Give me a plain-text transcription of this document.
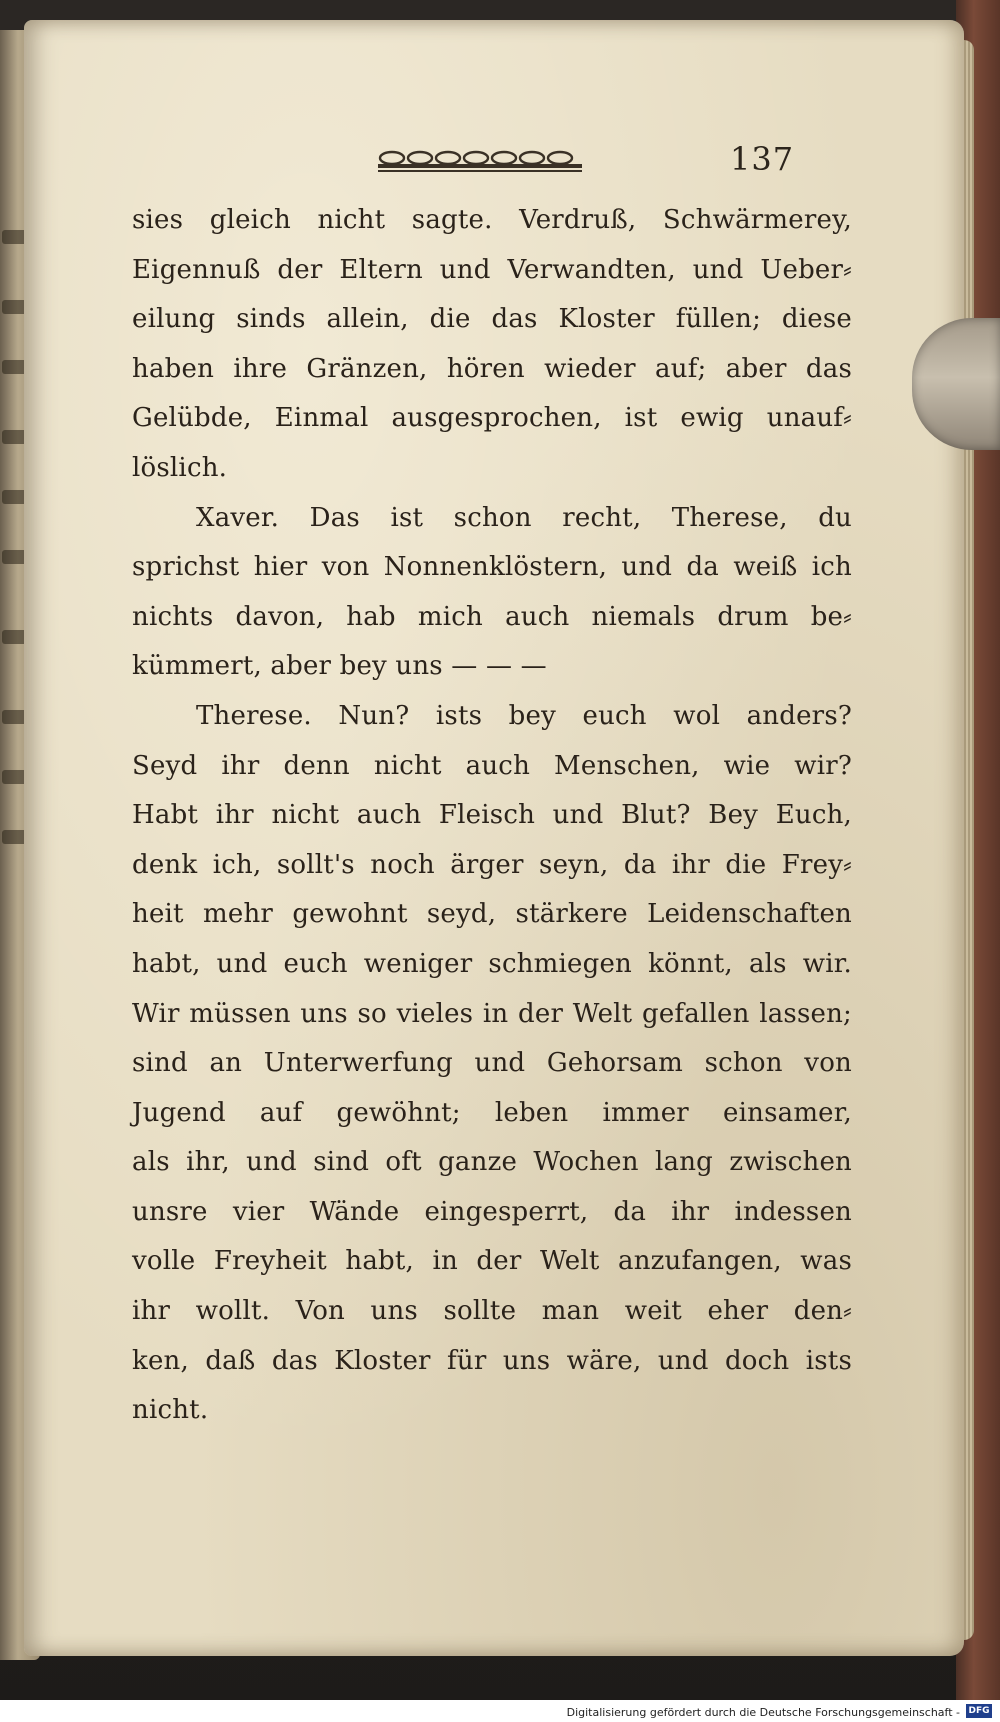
137
sies gleich nicht sagte. Verdruß, Schwärmerey,
Eigennuß der Eltern und Verwandten, und Ueber⸗
eilung sinds allein, die das Kloster füllen; diese
haben ihre Gränzen, hören wieder auf; aber das
Gelübde, Einmal ausgesprochen, ist ewig unauf⸗
löslich.
Xaver. Das ist schon recht, Therese, du
sprichst hier von Nonnenklöstern, und da weiß ich
nichts davon, hab mich auch niemals drum be⸗
kümmert, aber bey uns — — —
Therese. Nun? ists bey euch wol anders?
Seyd ihr denn nicht auch Menschen, wie wir?
Habt ihr nicht auch Fleisch und Blut? Bey Euch,
denk ich, sollt's noch ärger seyn, da ihr die Frey⸗
heit mehr gewohnt seyd, stärkere Leidenschaften
habt, und euch weniger schmiegen könnt, als wir.
Wir müssen uns so vieles in der Welt gefallen lassen;
sind an Unterwerfung und Gehorsam schon von
Jugend auf gewöhnt; leben immer einsamer,
als ihr, und sind oft ganze Wochen lang zwischen
unsre vier Wände eingesperrt, da ihr indessen
volle Freyheit habt, in der Welt anzufangen, was
ihr wollt. Von uns sollte man weit eher den⸗
ken, daß das Kloster für uns wäre, und doch ists
nicht.
Digitalisierung gefördert durch die Deutsche Forschungsgemeinschaft - DFG
